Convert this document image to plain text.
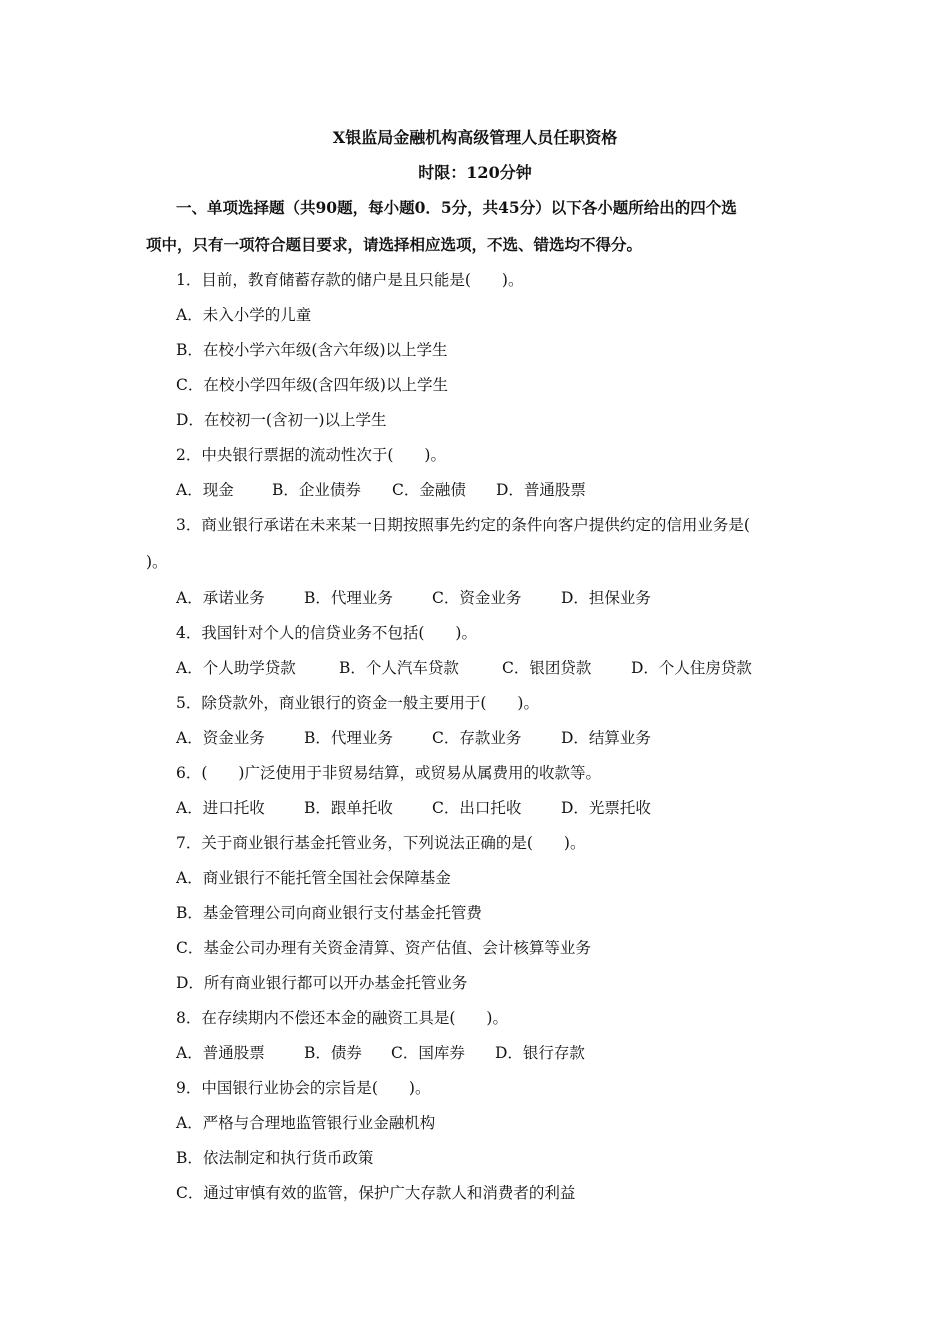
X银监局金融机构高级管理人员任职资格
时限：120分钟
一、单项选择题（共90题，每小题0．5分，共45分）以下各小题所给出的四个选
项中，只有一项符合题目要求，请选择相应选项，不选、错选均不得分。
1．目前，教育储蓄存款的储户是且只能是(　　)。
A．未入小学的儿童
B．在校小学六年级(含六年级)以上学生
C．在校小学四年级(含四年级)以上学生
D．在校初一(含初一)以上学生
2．中央银行票据的流动性次于(　　)。
A．现金 B．企业债券 C．金融债 D．普通股票
3．商业银行承诺在未来某一日期按照事先约定的条件向客户提供约定的信用业务是(
)。
A．承诺业务	B．代理业务	C．资金业务	D．担保业务
4．我国针对个人的信贷业务不包括(　　)。
A．个人助学贷款	B．个人汽车贷款	C．银团贷款	D．个人住房贷款
5．除贷款外，商业银行的资金一般主要用于(　　)。
A．资金业务	B．代理业务	C．存款业务	D．结算业务
6．(　　)广泛使用于非贸易结算，或贸易从属费用的收款等。
A．进口托收	B．跟单托收	C．出口托收	D．光票托收
7．关于商业银行基金托管业务，下列说法正确的是(　　)。
A．商业银行不能托管全国社会保障基金
B．基金管理公司向商业银行支付基金托管费
C．基金公司办理有关资金清算、资产估值、会计核算等业务
D．所有商业银行都可以开办基金托管业务
8．在存续期内不偿还本金的融资工具是(　　)。
A．普通股票	B．债券 C．国库券 D．银行存款
9．中国银行业协会的宗旨是(　　)。
A．严格与合理地监管银行业金融机构
B．依法制定和执行货币政策
C．通过审慎有效的监管，保护广大存款人和消费者的利益
